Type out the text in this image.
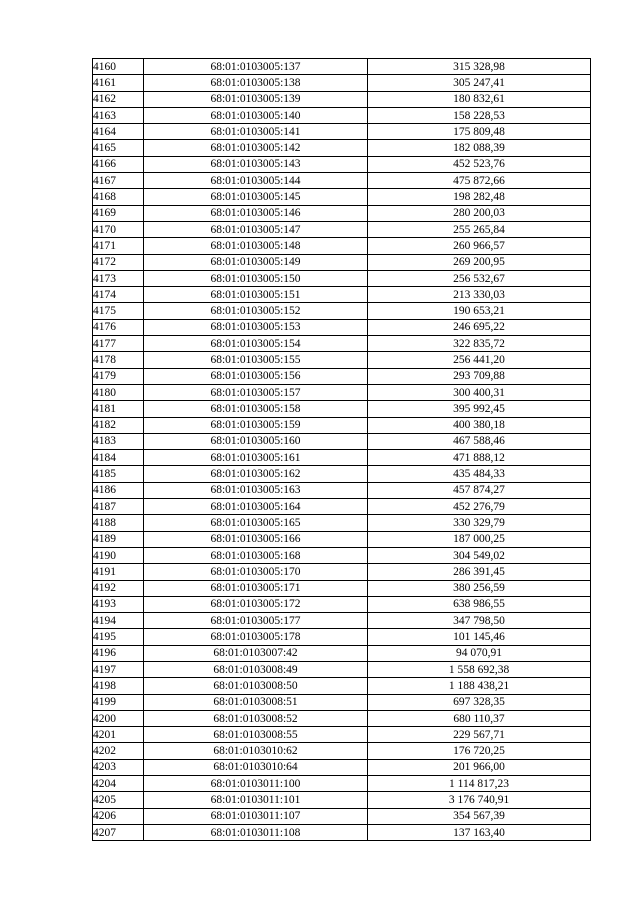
4160	68:01:0103005:137	315 328,98
4161	68:01:0103005:138	305 247,41
4162	68:01:0103005:139	180 832,61
4163	68:01:0103005:140	158 228,53
4164	68:01:0103005:141	175 809,48
4165	68:01:0103005:142	182 088,39
4166	68:01:0103005:143	452 523,76
4167	68:01:0103005:144	475 872,66
4168	68:01:0103005:145	198 282,48
4169	68:01:0103005:146	280 200,03
4170	68:01:0103005:147	255 265,84
4171	68:01:0103005:148	260 966,57
4172	68:01:0103005:149	269 200,95
4173	68:01:0103005:150	256 532,67
4174	68:01:0103005:151	213 330,03
4175	68:01:0103005:152	190 653,21
4176	68:01:0103005:153	246 695,22
4177	68:01:0103005:154	322 835,72
4178	68:01:0103005:155	256 441,20
4179	68:01:0103005:156	293 709,88
4180	68:01:0103005:157	300 400,31
4181	68:01:0103005:158	395 992,45
4182	68:01:0103005:159	400 380,18
4183	68:01:0103005:160	467 588,46
4184	68:01:0103005:161	471 888,12
4185	68:01:0103005:162	435 484,33
4186	68:01:0103005:163	457 874,27
4187	68:01:0103005:164	452 276,79
4188	68:01:0103005:165	330 329,79
4189	68:01:0103005:166	187 000,25
4190	68:01:0103005:168	304 549,02
4191	68:01:0103005:170	286 391,45
4192	68:01:0103005:171	380 256,59
4193	68:01:0103005:172	638 986,55
4194	68:01:0103005:177	347 798,50
4195	68:01:0103005:178	101 145,46
4196	68:01:0103007:42	94 070,91
4197	68:01:0103008:49	1 558 692,38
4198	68:01:0103008:50	1 188 438,21
4199	68:01:0103008:51	697 328,35
4200	68:01:0103008:52	680 110,37
4201	68:01:0103008:55	229 567,71
4202	68:01:0103010:62	176 720,25
4203	68:01:0103010:64	201 966,00
4204	68:01:0103011:100	1 114 817,23
4205	68:01:0103011:101	3 176 740,91
4206	68:01:0103011:107	354 567,39
4207	68:01:0103011:108	137 163,40
